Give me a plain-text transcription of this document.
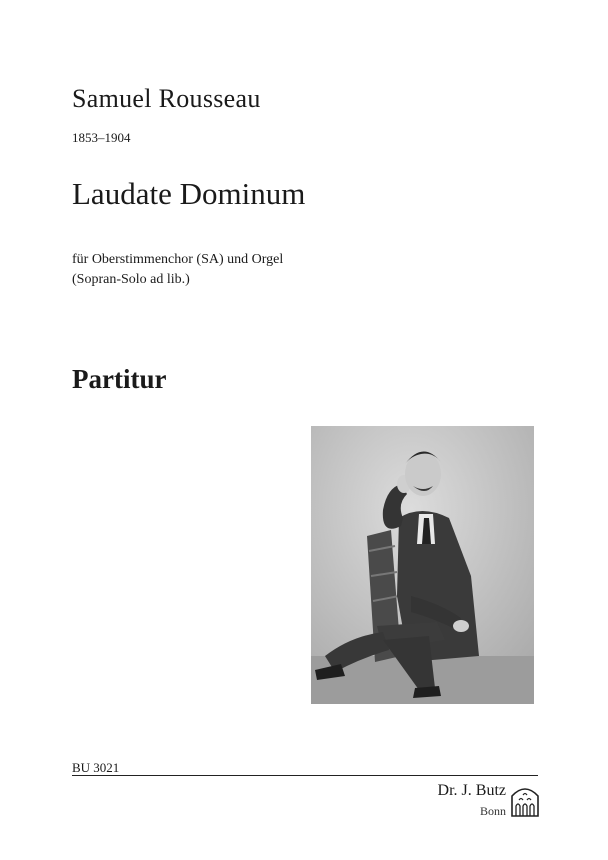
Samuel Rousseau
1853–1904
Laudate Dominum
für Oberstimmenchor (SA) und Orgel
(Sopran-Solo ad lib.)
Partitur
BU 3021
Dr. J. Butz
Bonn
